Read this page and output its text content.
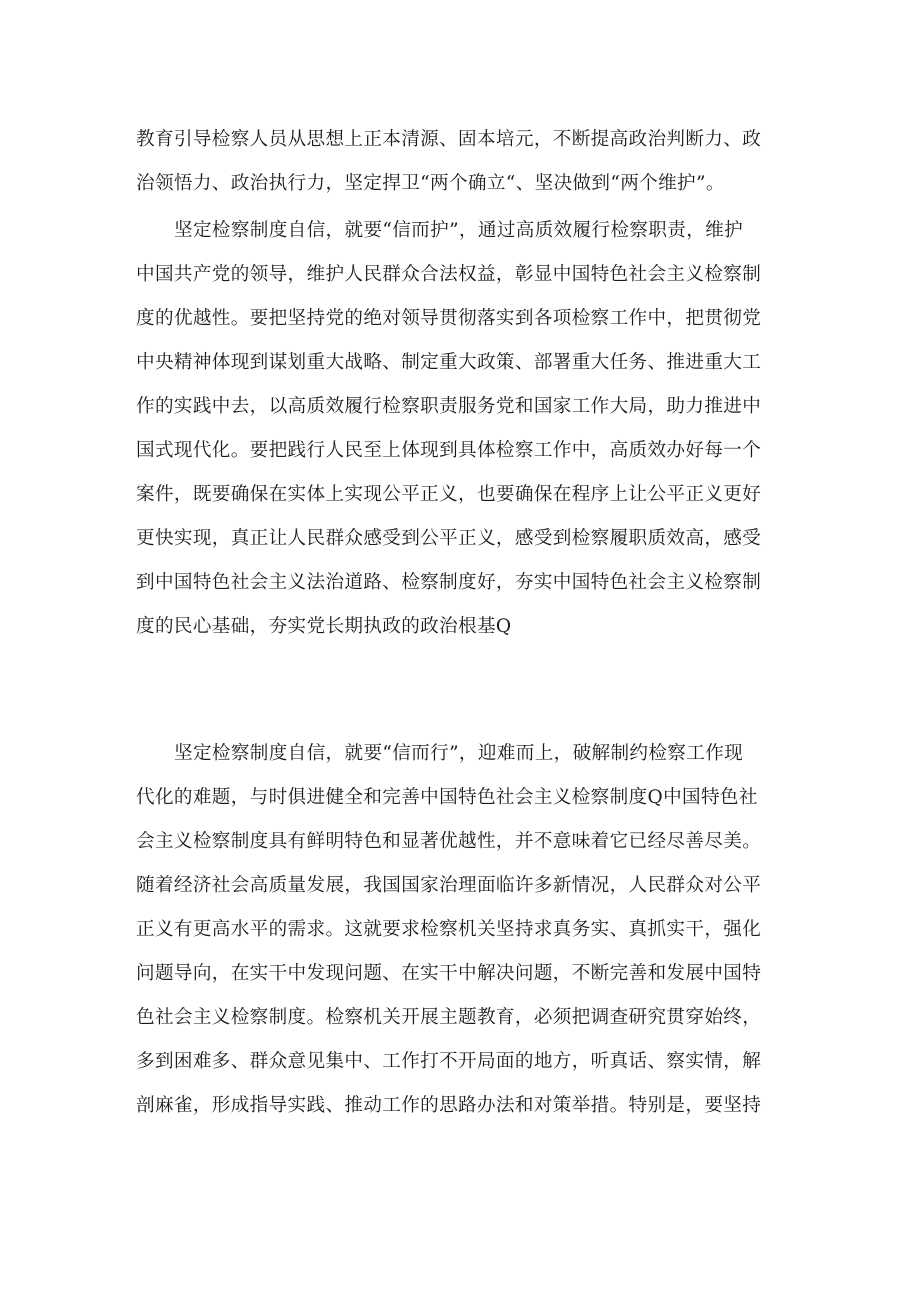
教育引导检察人员从思想上正本清源、固本培元，不断提高政治判断力、政
治领悟力、政治执行力，坚定捍卫“两个确立“、坚决做到“两个维护”。
坚定检察制度自信，就要“信而护”，通过高质效履行检察职责，维护
中国共产党的领导，维护人民群众合法权益，彰显中国特色社会主义检察制
度的优越性。要把坚持党的绝对领导贯彻落实到各项检察工作中，把贯彻党
中央精神体现到谋划重大战略、制定重大政策、部署重大任务、推进重大工
作的实践中去，以高质效履行检察职责服务党和国家工作大局，助力推进中
国式现代化。要把践行人民至上体现到具体检察工作中，高质效办好每一个
案件，既要确保在实体上实现公平正义，也要确保在程序上让公平正义更好
更快实现，真正让人民群众感受到公平正义，感受到检察履职质效高，感受
到中国特色社会主义法治道路、检察制度好，夯实中国特色社会主义检察制
度的民心基础，夯实党长期执政的政治根基Q
坚定检察制度自信，就要“信而行”，迎难而上，破解制约检察工作现
代化的难题，与时俱进健全和完善中国特色社会主义检察制度Q中国特色社
会主义检察制度具有鲜明特色和显著优越性，并不意味着它已经尽善尽美。
随着经济社会高质量发展，我国国家治理面临许多新情况，人民群众对公平
正义有更高水平的需求。这就要求检察机关坚持求真务实、真抓实干，强化
问题导向，在实干中发现问题、在实干中解决问题，不断完善和发展中国特
色社会主义检察制度。检察机关开展主题教育，必须把调查研究贯穿始终，
多到困难多、群众意见集中、工作打不开局面的地方，听真话、察实情，解
剖麻雀，形成指导实践、推动工作的思路办法和对策举措。特别是，要坚持
